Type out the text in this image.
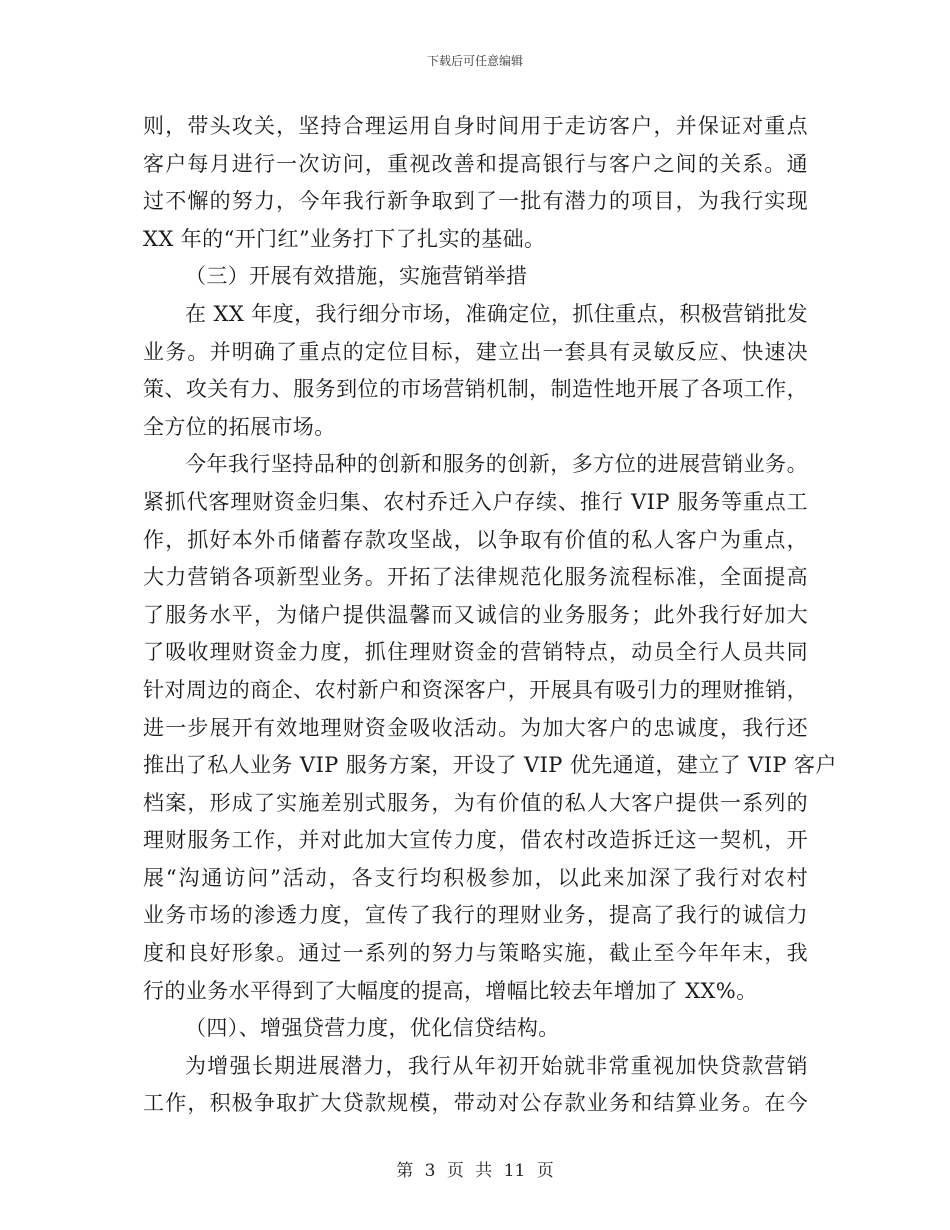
下载后可任意编辑
则，带头攻关，坚持合理运用自身时间用于走访客户，并保证对重点
客户每月进行一次访问，重视改善和提高银行与客户之间的关系。通
过不懈的努力，今年我行新争取到了一批有潜力的项目，为我行实现
XX 年的“开门红”业务打下了扎实的基础。
（三）开展有效措施，实施营销举措
在 XX 年度，我行细分市场，准确定位，抓住重点，积极营销批发
业务。并明确了重点的定位目标，建立出一套具有灵敏反应、快速决
策、攻关有力、服务到位的市场营销机制，制造性地开展了各项工作，
全方位的拓展市场。
今年我行坚持品种的创新和服务的创新，多方位的进展营销业务。
紧抓代客理财资金归集、农村乔迁入户存续、推行 VIP 服务等重点工
作，抓好本外币储蓄存款攻坚战，以争取有价值的私人客户为重点，
大力营销各项新型业务。开拓了法律规范化服务流程标准，全面提高
了服务水平，为储户提供温馨而又诚信的业务服务；此外我行好加大
了吸收理财资金力度，抓住理财资金的营销特点，动员全行人员共同
针对周边的商企、农村新户和资深客户，开展具有吸引力的理财推销，
进一步展开有效地理财资金吸收活动。为加大客户的忠诚度，我行还
推出了私人业务 VIP 服务方案，开设了 VIP 优先通道，建立了 VIP 客户
档案，形成了实施差别式服务，为有价值的私人大客户提供一系列的
理财服务工作，并对此加大宣传力度，借农村改造拆迁这一契机，开
展“沟通访问”活动，各支行均积极参加，以此来加深了我行对农村
业务市场的渗透力度，宣传了我行的理财业务，提高了我行的诚信力
度和良好形象。通过一系列的努力与策略实施，截止至今年年末，我
行的业务水平得到了大幅度的提高，增幅比较去年增加了 XX%。
（四）、增强贷营力度，优化信贷结构。
为增强长期进展潜力，我行从年初开始就非常重视加快贷款营销
工作，积极争取扩大贷款规模，带动对公存款业务和结算业务。在今
第 3 页 共 11 页
